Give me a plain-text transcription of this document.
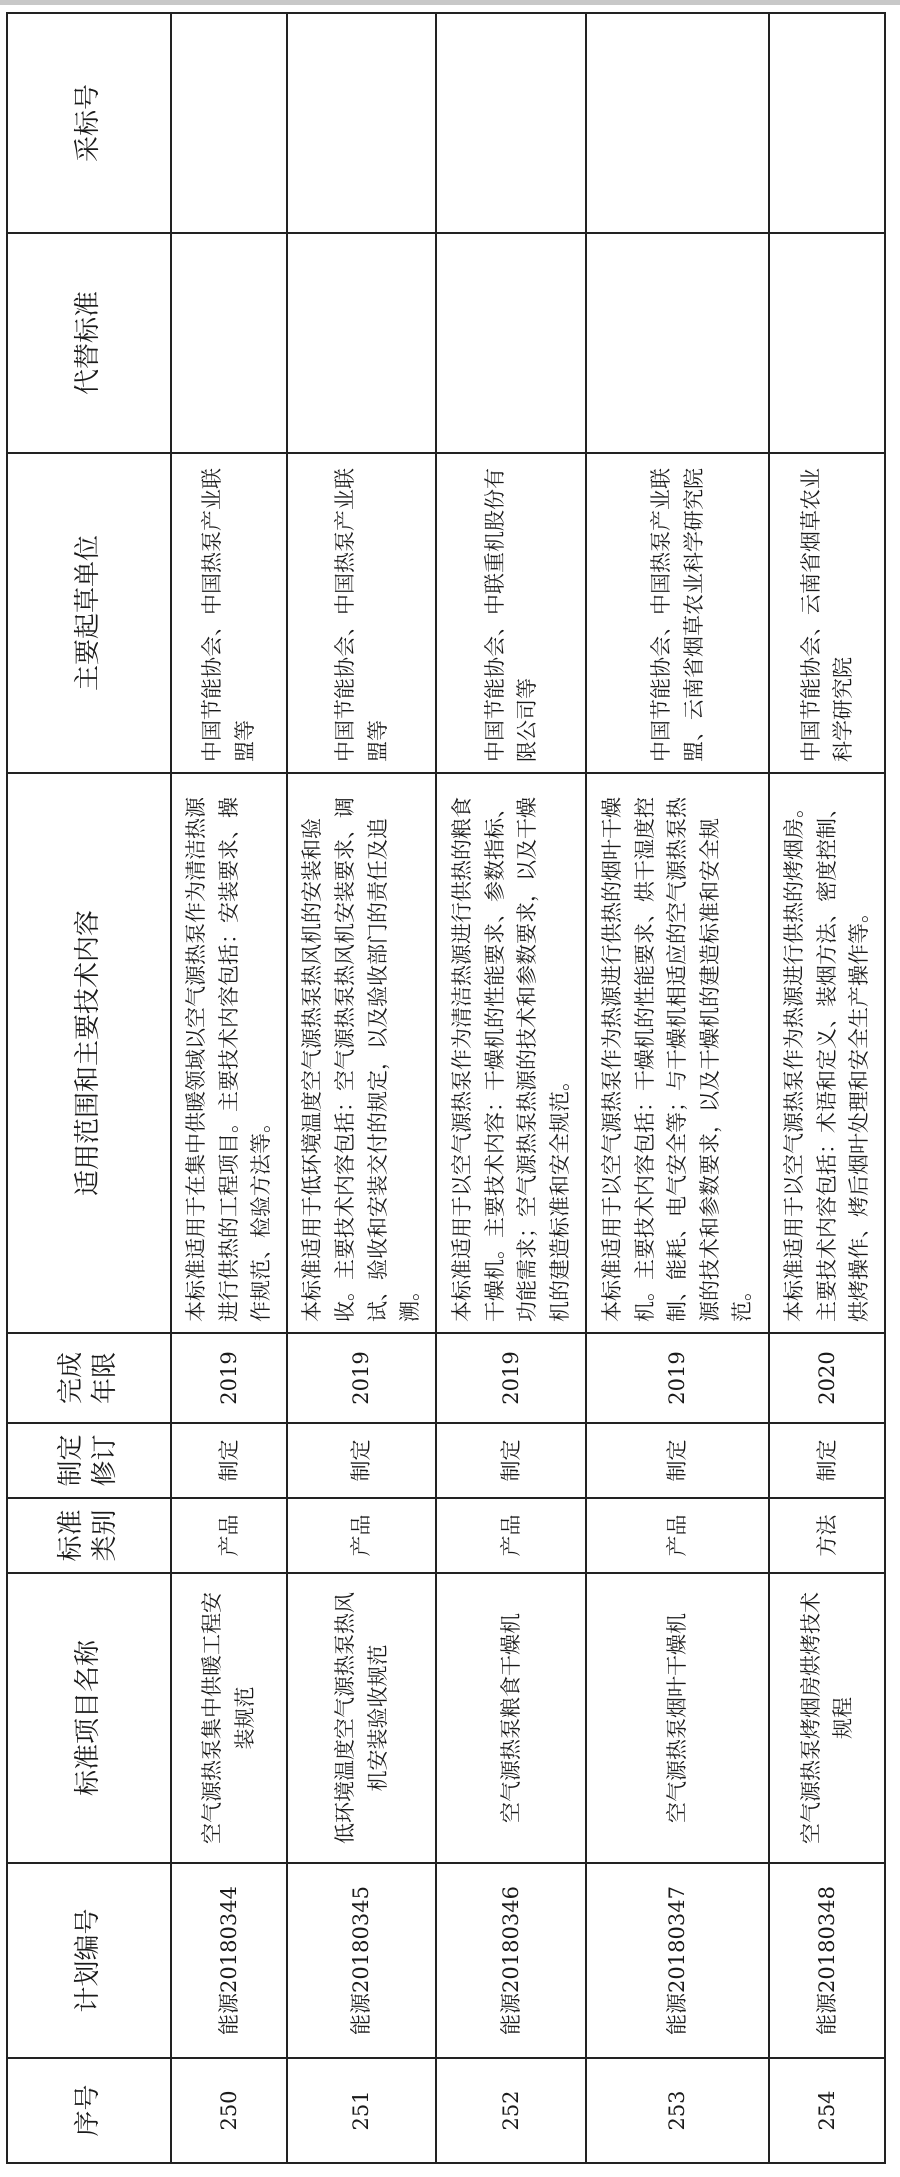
序号	计划编号	标准项目名称	标准类别	制定修订	完成年限	适用范围和主要技术内容	主要起草单位	代替标准	采标号
250	能源20180344	空气源热泵集中供暖工程安装规范	产品	制定	2019	本标准适用于在集中供暖领域以空气源热泵作为清洁热源进行供热的工程项目。主要技术内容包括：安装要求、操作规范、检验方法等。	中国节能协会、中国热泵产业联盟等		
251	能源20180345	低环境温度空气源热泵热风机安装验收规范	产品	制定	2019	本标准适用于低环境温度空气源热泵热风机的安装和验收。主要技术内容包括：空气源热泵热风机安装要求、调试、验收和安装交付的规定，以及验收部门的责任及追溯。	中国节能协会、中国热泵产业联盟等		
252	能源20180346	空气源热泵粮食干燥机	产品	制定	2019	本标准适用于以空气源热泵作为清洁热源进行供热的粮食干燥机。主要技术内容：干燥机的性能要求、参数指标、功能需求；空气源热泵热源的技术和参数要求，以及干燥机的建造标准和安全规范。	中国节能协会、中联重机股份有限公司等		
253	能源20180347	空气源热泵烟叶干燥机	产品	制定	2019	本标准适用于以空气源热泵作为热源进行供热的烟叶干燥机。主要技术内容包括：干燥机的性能要求、烘干湿度控制、能耗、电气安全等；与干燥机相适应的空气源热泵热源的技术和参数要求，以及干燥机的建造标准和安全规范。	中国节能协会、中国热泵产业联盟、云南省烟草农业科学研究院		
254	能源20180348	空气源热泵烤烟房烘烤技术规程	方法	制定	2020	本标准适用于以空气源热泵作为热源进行供热的烤烟房。主要技术内容包括：术语和定义、装烟方法、密度控制、烘烤操作、烤后烟叶处理和安全生产操作等。	中国节能协会、云南省烟草农业科学研究院		
